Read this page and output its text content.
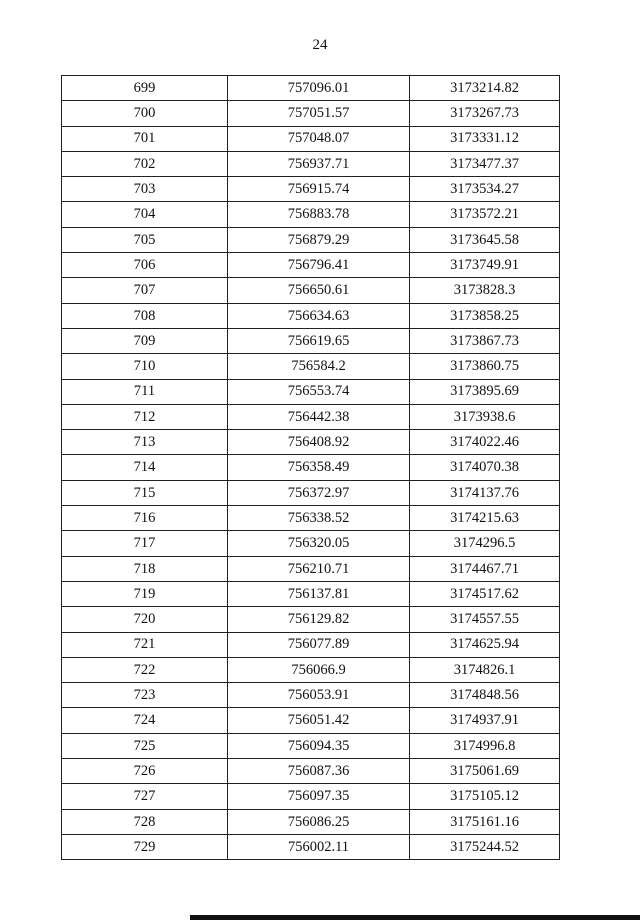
24
699	757096.01	3173214.82
700	757051.57	3173267.73
701	757048.07	3173331.12
702	756937.71	3173477.37
703	756915.74	3173534.27
704	756883.78	3173572.21
705	756879.29	3173645.58
706	756796.41	3173749.91
707	756650.61	3173828.3
708	756634.63	3173858.25
709	756619.65	3173867.73
710	756584.2	3173860.75
711	756553.74	3173895.69
712	756442.38	3173938.6
713	756408.92	3174022.46
714	756358.49	3174070.38
715	756372.97	3174137.76
716	756338.52	3174215.63
717	756320.05	3174296.5
718	756210.71	3174467.71
719	756137.81	3174517.62
720	756129.82	3174557.55
721	756077.89	3174625.94
722	756066.9	3174826.1
723	756053.91	3174848.56
724	756051.42	3174937.91
725	756094.35	3174996.8
726	756087.36	3175061.69
727	756097.35	3175105.12
728	756086.25	3175161.16
729	756002.11	3175244.52
